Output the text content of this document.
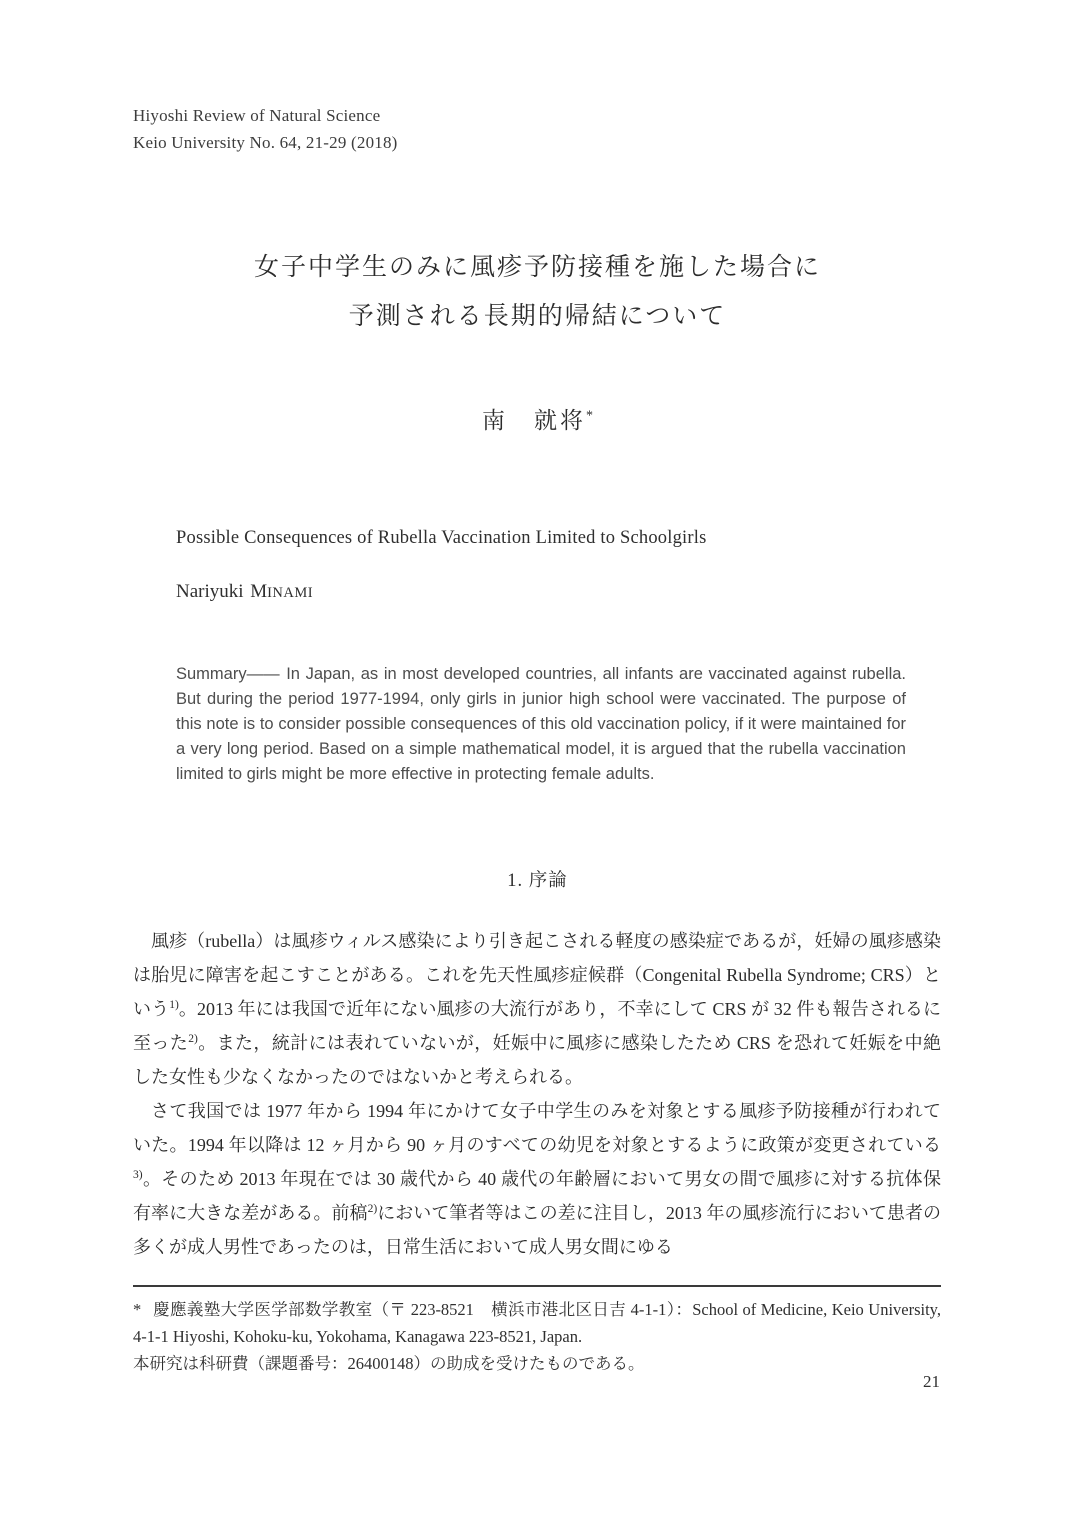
Hiyoshi Review of Natural Science
Keio University No. 64, 21-29 (2018)
女子中学生のみに風疹予防接種を施した場合に
予測される長期的帰結について
南　就将*
Possible Consequences of Rubella Vaccination Limited to Schoolgirls
Nariyuki MINAMI
Summary―― In Japan, as in most developed countries, all infants are vaccinated against rubella. But during the period 1977-1994, only girls in junior high school were vaccinated. The purpose of this note is to consider possible consequences of this old vaccination policy, if it were maintained for a very long period. Based on a simple mathematical model, it is argued that the rubella vaccination limited to girls might be more effective in protecting female adults.
1. 序論

風疹（rubella）は風疹ウィルス感染により引き起こされる軽度の感染症であるが，妊婦の風疹感染は胎児に障害を起こすことがある。これを先天性風疹症候群（Congenital Rubella Syndrome; CRS）という$^{1)}$。2013 年には我国で近年にない風疹の大流行があり，不幸にして CRS が 32 件も報告されるに至った$^{2)}$。また，統計には表れていないが，妊娠中に風疹に感染したため CRS を恐れて妊娠を中絶した女性も少なくなかったのではないかと考えられる。

さて我国では 1977 年から 1994 年にかけて女子中学生のみを対象とする風疹予防接種が行われていた。1994 年以降は 12 ヶ月から 90 ヶ月のすべての幼児を対象とするように政策が変更されている$^{3)}$。そのため 2013 年現在では 30 歳代から 40 歳代の年齢層において男女の間で風疹に対する抗体保有率に大きな差がある。前稿$^{2)}$において筆者等はこの差に注目し，2013 年の風疹流行において患者の多くが成人男性であったのは，日常生活において成人男女間にゆる

* 慶應義塾大学医学部数学教室（〒 223-8521　横浜市港北区日吉 4-1-1）：School of Medicine, Keio University, 4-1-1 Hiyoshi, Kohoku-ku, Yokohama, Kanagawa 223-8521, Japan.

本研究は科研費（課題番号：26400148）の助成を受けたものである。

21
